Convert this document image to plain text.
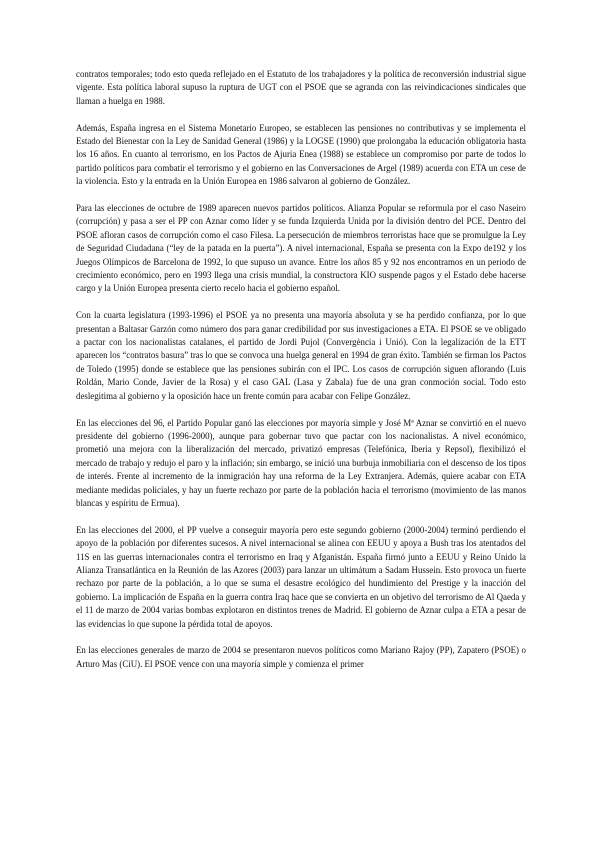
contratos temporales; todo esto queda reflejado en el Estatuto de los trabajadores y la política de reconversión industrial sigue vigente. Esta política laboral supuso la ruptura de UGT con el PSOE que se agranda con las reivindicaciones sindicales que llaman a huelga en 1988.

Además, España ingresa en el Sistema Monetario Europeo, se establecen las pensiones no contributivas y se implementa el Estado del Bienestar con la Ley de Sanidad General (1986) y la LOGSE (1990) que prolongaba la educación obligatoria hasta los 16 años. En cuanto al terrorismo, en los Pactos de Ajuria Enea (1988) se establece un compromiso por parte de todos lo partido políticos para combatir el terrorismo y el gobierno en las Conversaciones de Argel (1989) acuerda con ETA un cese de la violencia. Esto y la entrada en la Unión Europea en 1986 salvaron al gobierno de González.

Para las elecciones de octubre de 1989 aparecen nuevos partidos políticos. Alianza Popular se reformula por el caso Naseiro (corrupción) y pasa a ser el PP con Aznar como líder y se funda Izquierda Unida por la división dentro del PCE. Dentro del PSOE afloran casos de corrupción como el caso Filesa. La persecución de miembros terroristas hace que se promulgue la Ley de Seguridad Ciudadana (“ley de la patada en la puerta”). A nivel internacional, España se presenta con la Expo de192 y los Juegos Olímpicos de Barcelona de 1992, lo que supuso un avance. Entre los años 85 y 92 nos encontramos en un periodo de crecimiento económico, pero en 1993 llega una crisis mundial, la constructora KIO suspende pagos y el Estado debe hacerse cargo y la Unión Europea presenta cierto recelo hacia el gobierno español.

Con la cuarta legislatura (1993-1996) el PSOE ya no presenta una mayoría absoluta y se ha perdido confianza, por lo que presentan a Baltasar Garzón como número dos para ganar credibilidad por sus investigaciones a ETA. El PSOE se ve obligado a pactar con los nacionalistas catalanes, el partido de Jordi Pujol (Convergència i Unió). Con la legalización de la ETT aparecen los “contratos basura” tras lo que se convoca una huelga general en 1994 de gran éxito. También se firman los Pactos de Toledo (1995) donde se establece que las pensiones subirán con el IPC. Los casos de corrupción siguen aflorando (Luis Roldán, Mario Conde, Javier de la Rosa) y el caso GAL (Lasa y Zabala) fue de una gran conmoción social. Todo esto deslegitima al gobierno y la oposición hace un frente común para acabar con Felipe González.

En las elecciones del 96, el Partido Popular ganó las elecciones por mayoría simple y José Mª Aznar se convirtió en el nuevo presidente del gobierno (1996-2000), aunque para gobernar tuvo que pactar con los nacionalistas. A nivel económico, prometió una mejora con la liberalización del mercado, privatizó empresas (Telefónica, Iberia y Repsol), flexibilizó el mercado de trabajo y redujo el paro y la inflación; sin embargo, se inició una burbuja inmobiliaria con el descenso de los tipos de interés. Frente al incremento de la inmigración hay una reforma de la Ley Extranjera. Además, quiere acabar con ETA mediante medidas policiales, y hay un fuerte rechazo por parte de la población hacia el terrorismo (movimiento de las manos blancas y espíritu de Ermua).

En las elecciones del 2000, el PP vuelve a conseguir mayoría pero este segundo gobierno (2000-2004) terminó perdiendo el apoyo de la población por diferentes sucesos. A nivel internacional se alinea con EEUU y apoya a Bush tras los atentados del 11S en las guerras internacionales contra el terrorismo en Iraq y Afganistán. España firmó junto a EEUU y Reino Unido la Alianza Transatlántica en la Reunión de las Azores (2003) para lanzar un ultimátum a Sadam Hussein. Esto provoca un fuerte rechazo por parte de la población, a lo que se suma el desastre ecológico del hundimiento del Prestige y la inacción del gobierno. La implicación de España en la guerra contra Iraq hace que se convierta en un objetivo del terrorismo de Al Qaeda y el 11 de marzo de 2004 varias bombas explotaron en distintos trenes de Madrid. El gobierno de Aznar culpa a ETA a pesar de las evidencias lo que supone la pérdida total de apoyos.

En las elecciones generales de marzo de 2004 se presentaron nuevos políticos como Mariano Rajoy (PP), Zapatero (PSOE) o Arturo Mas (CiU). El PSOE vence con una mayoría simple y comienza el primer
